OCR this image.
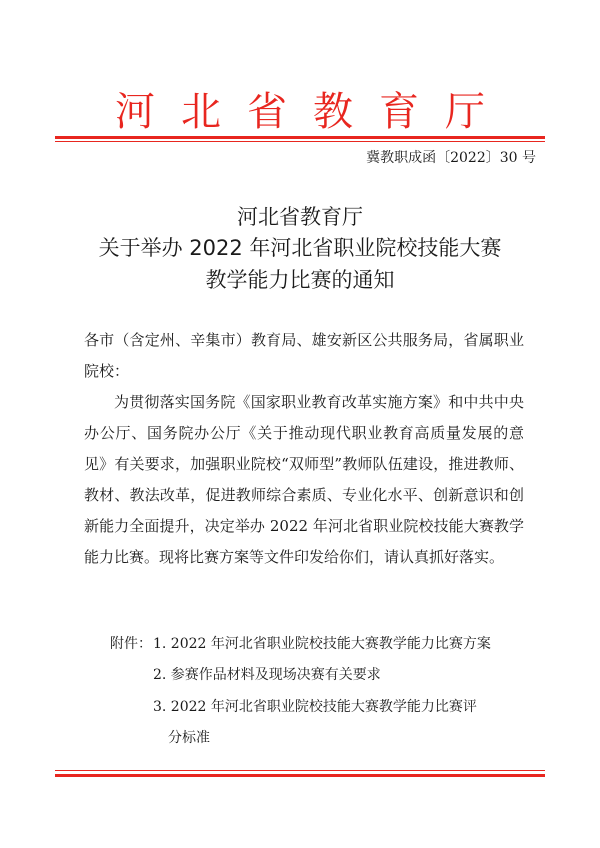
河北省教育厅
冀教职成函〔2022〕30 号
河北省教育厅
关于举办 2022 年河北省职业院校技能大赛
教学能力比赛的通知

各市（含定州、辛集市）教育局、雄安新区公共服务局，省属职业院校：

为贯彻落实国务院《国家职业教育改革实施方案》和中共中央办公厅、国务院办公厅《关于推动现代职业教育高质量发展的意见》有关要求，加强职业院校“双师型”教师队伍建设，推进教师、教材、教法改革，促进教师综合素质、专业化水平、创新意识和创新能力全面提升，决定举办 2022 年河北省职业院校技能大赛教学能力比赛。现将比赛方案等文件印发给你们，请认真抓好落实。

附件： 1. 2022 年河北省职业院校技能大赛教学能力比赛方案
2. 参赛作品材料及现场决赛有关要求
3. 2022 年河北省职业院校技能大赛教学能力比赛评
分标准
